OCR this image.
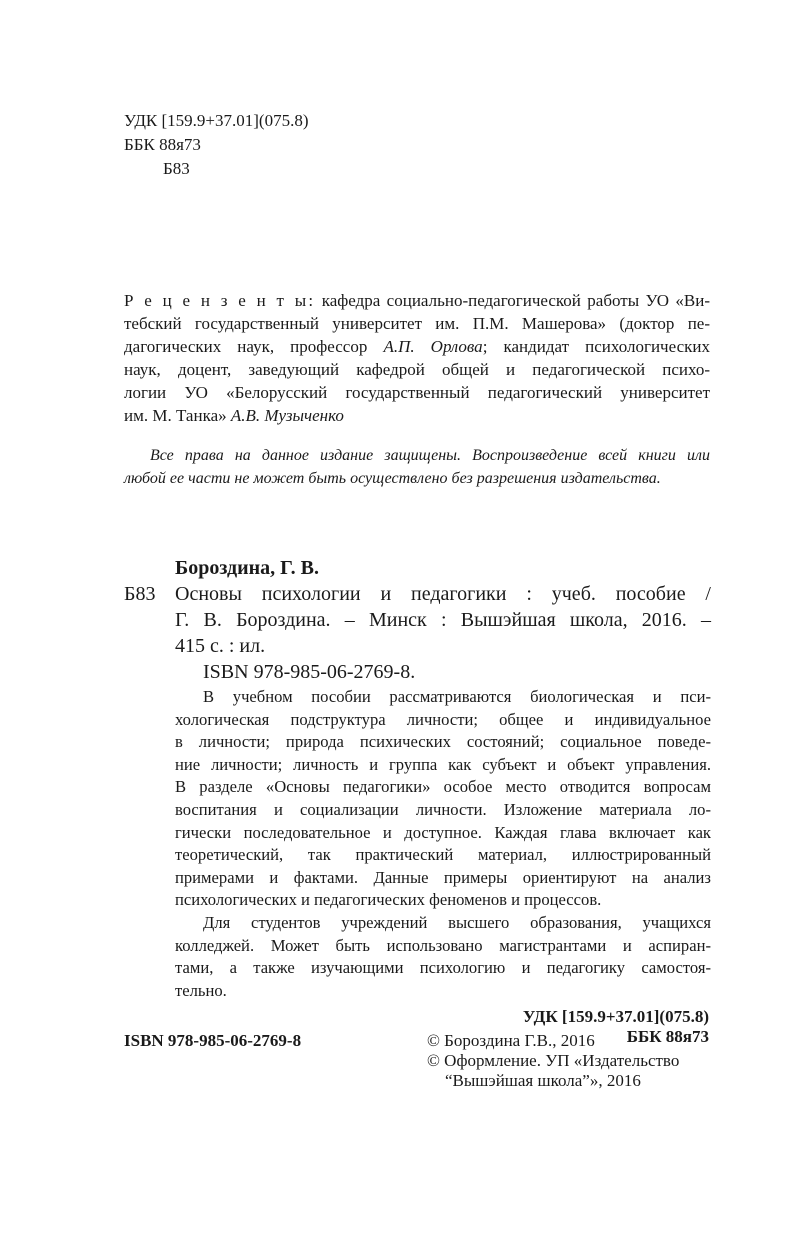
УДК [159.9+37.01](075.8)

ББК 88я73

Б83

Р е ц е н з е н т ы: кафедра социально-педагогической работы УО «Ви-
тебский государственный университет им. П.М. Машерова» (доктор пе-
дагогических наук, профессор А.П. Орлова; кандидат психологических
наук, доцент, заведующий кафедрой общей и педагогической психо-
логии УО «Белорусский государственный педагогический университет
им. М. Танка» А.В. Музыченко
Все права на данное издание защищены. Воспроизведение всей книги или
любой ее части не может быть осуществлено без разрешения издательства.

Бороздина, Г. В.

Б83 Основы психологии и педагогики : учеб. пособие /

Г. В. Бороздина. – Минск : Вышэйшая школа, 2016. –

415 с. : ил.

ISBN 978-985-06-2769-8.

В учебном пособии рассматриваются биологическая и пси-
хологическая подструктура личности; общее и индивидуальное
в личности; природа психических состояний; социальное поведе-
ние личности; личность и группа как субъект и объект управления.
В разделе «Основы педагогики» особое место отводится вопросам
воспитания и социализации личности. Изложение материала ло-
гически последовательное и доступное. Каждая глава включает как
теоретический, так практический материал, иллюстрированный
примерами и фактами. Данные примеры ориентируют на анализ
психологических и педагогических феноменов и процессов.
Для студентов учреждений высшего образования, учащихся
колледжей. Может быть использовано магистрантами и аспиран-
тами, а также изучающими психологию и педагогику самостоя-
тельно.

УДК [159.9+37.01](075.8)

ББК 88я73

ISBN 978-985-06-2769-8	© Бороздина Г.В., 2016

© Оформление. УП «Издательство

“Вышэйшая школа”», 2016
